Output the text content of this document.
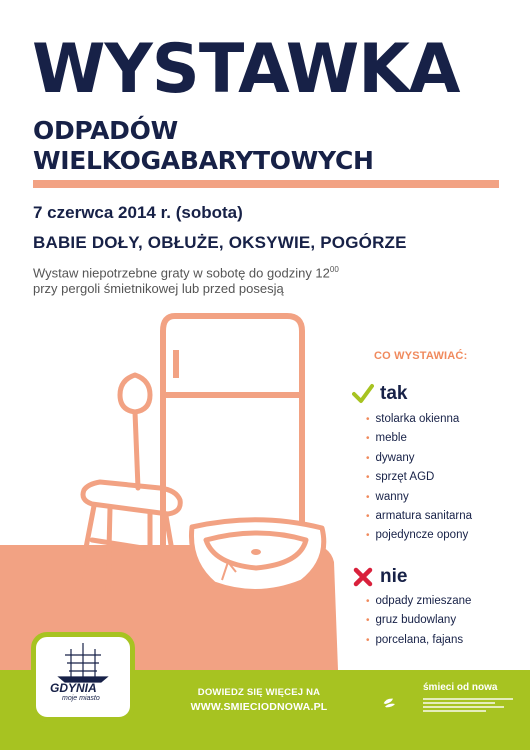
WYSTAWKA
ODPADÓW
WIELKOGABARYTOWYCH
7 czerwca 2014 r. (sobota)
BABIE DOŁY, OBŁUŻE, OKSYWIE, POGÓRZE
Wystaw niepotrzebne graty w sobotę do godziny $12^{00}$
przy pergoli śmietnikowej lub przed posesją
CO WYSTAWIAĆ:
tak
• stolarka okienna
• meble
• dywany
• sprzęt AGD
• wanny
• armatura sanitarna
• pojedyncze opony
nie
• odpady zmieszane
• gruz budowlany
• porcelana, fajans
DOWIEDZ SIĘ WIĘCEJ NA
WWW.SMIECIODNOWA.PL
GDYNIA
moje miasto
śmieci od nowa
